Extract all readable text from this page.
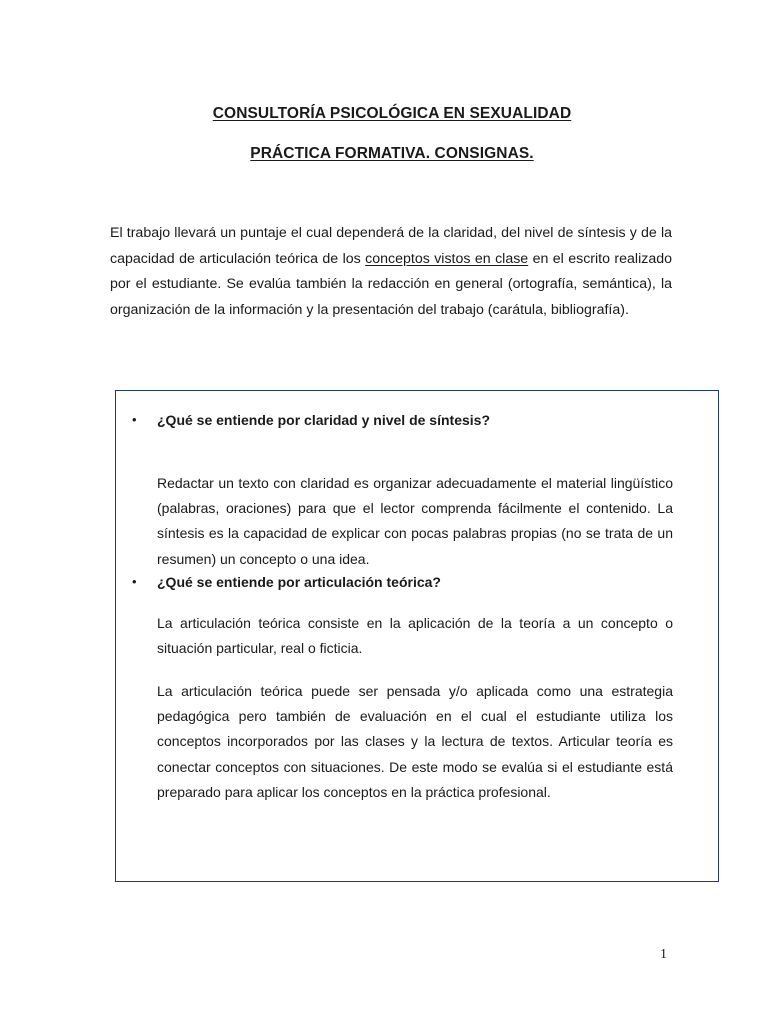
CONSULTORÍA PSICOLÓGICA EN SEXUALIDAD
PRÁCTICA FORMATIVA. CONSIGNAS.

El trabajo llevará un puntaje el cual dependerá de la claridad, del nivel de síntesis y de la capacidad de articulación teórica de los conceptos vistos en clase en el escrito realizado por el estudiante. Se evalúa también la redacción en general (ortografía, semántica), la organización de la información y la presentación del trabajo (carátula, bibliografía).

• ¿Qué se entiende por claridad y nivel de síntesis?

Redactar un texto con claridad es organizar adecuadamente el material lingüístico (palabras, oraciones) para que el lector comprenda fácilmente el contenido. La síntesis es la capacidad de explicar con pocas palabras propias (no se trata de un resumen) un concepto o una idea.

• ¿Qué se entiende por articulación teórica?

La articulación teórica consiste en la aplicación de la teoría a un concepto o situación particular, real o ficticia.

La articulación teórica puede ser pensada y/o aplicada como una estrategia pedagógica pero también de evaluación en el cual el estudiante utiliza los conceptos incorporados por las clases y la lectura de textos. Articular teoría es conectar conceptos con situaciones. De este modo se evalúa si el estudiante está preparado para aplicar los conceptos en la práctica profesional.

1
